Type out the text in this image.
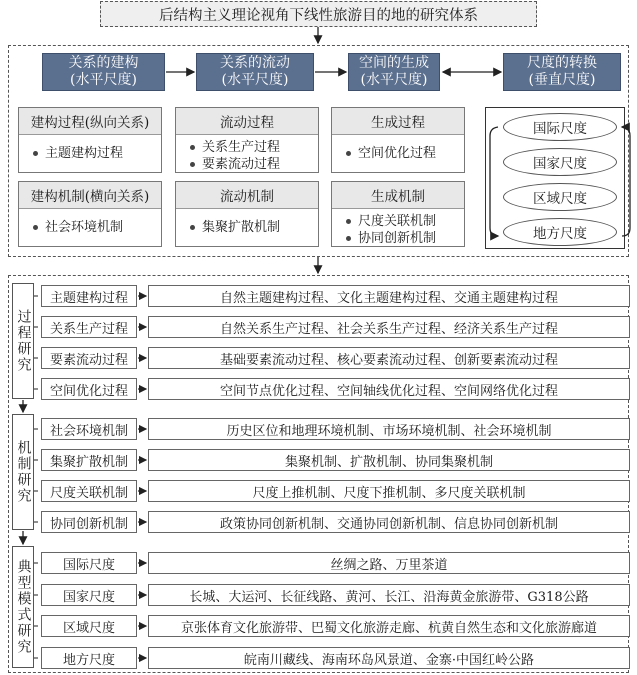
后结构主义理论视角下线性旅游目的地的研究体系
关系的建构
(水平尺度)
关系的流动
(水平尺度)
空间的生成
(水平尺度)
尺度的转换
(垂直尺度)
建构过程(纵向关系)
主题建构过程
建构机制(横向关系)
社会环境机制
流动过程
关系生产过程
要素流动过程
流动机制
集聚扩散机制
生成过程
空间优化过程
生成机制
尺度关联机制
协同创新机制
国际尺度
国家尺度
区域尺度
地方尺度
过程研究
机制研究
典型模式研究
主题建构过程	自然主题建构过程、文化主题建构过程、交通主题建构过程
关系生产过程	自然关系生产过程、社会关系生产过程、经济关系生产过程
要素流动过程	基础要素流动过程、核心要素流动过程、创新要素流动过程
空间优化过程	空间节点优化过程、空间轴线优化过程、空间网络优化过程
社会环境机制	历史区位和地理环境机制、市场环境机制、社会环境机制
集聚扩散机制	集聚机制、扩散机制、协同集聚机制
尺度关联机制	尺度上推机制、尺度下推机制、多尺度关联机制
协同创新机制	政策协同创新机制、交通协同创新机制、信息协同创新机制
国际尺度	丝绸之路、万里茶道
国家尺度	长城、大运河、长征线路、黄河、长江、沿海黄金旅游带、G318公路
区域尺度	京张体育文化旅游带、巴蜀文化旅游走廊、杭黄自然生态和文化旅游廊道
地方尺度	皖南川藏线、海南环岛风景道、金寨·中国红岭公路
